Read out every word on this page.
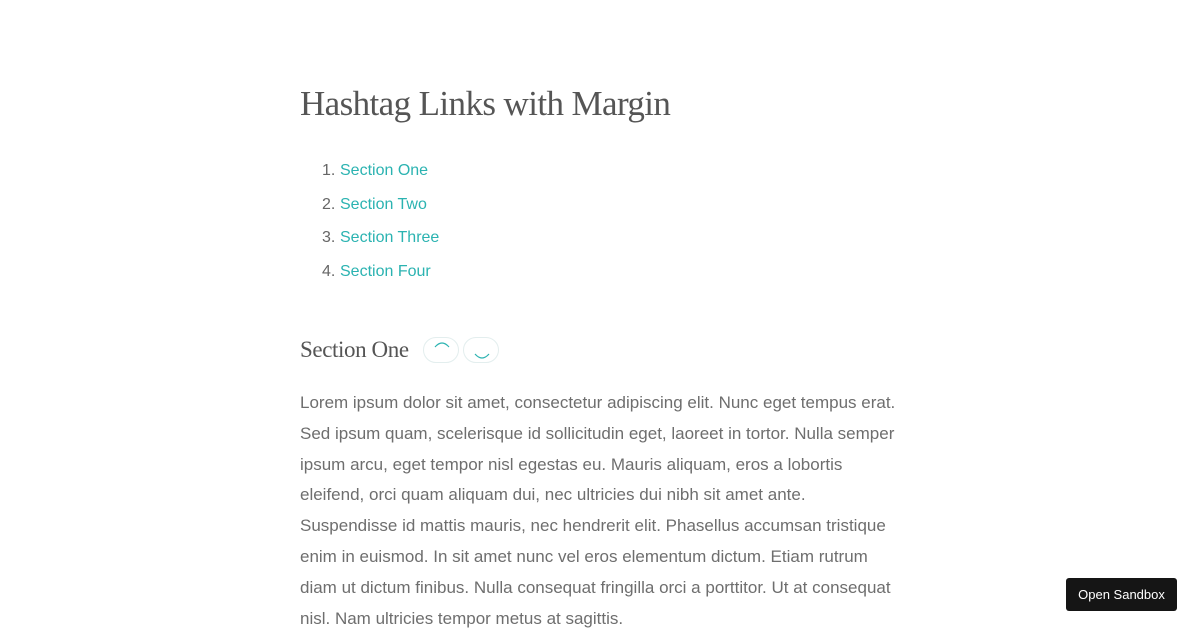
Hashtag Links with Margin
1. Section One
2. Section Two
3. Section Three
4. Section Four
Section One

Lorem ipsum dolor sit amet, consectetur adipiscing elit. Nunc eget tempus erat. Sed ipsum quam, scelerisque id sollicitudin eget, laoreet in tortor. Nulla semper ipsum arcu, eget tempor nisl egestas eu. Mauris aliquam, eros a lobortis eleifend, orci quam aliquam dui, nec ultricies dui nibh sit amet ante. Suspendisse id mattis mauris, nec hendrerit elit. Phasellus accumsan tristique enim in euismod. In sit amet nunc vel eros elementum dictum. Etiam rutrum diam ut dictum finibus. Nulla consequat fringilla orci a porttitor. Ut at consequat nisl. Nam ultricies tempor metus at sagittis.

Open Sandbox
